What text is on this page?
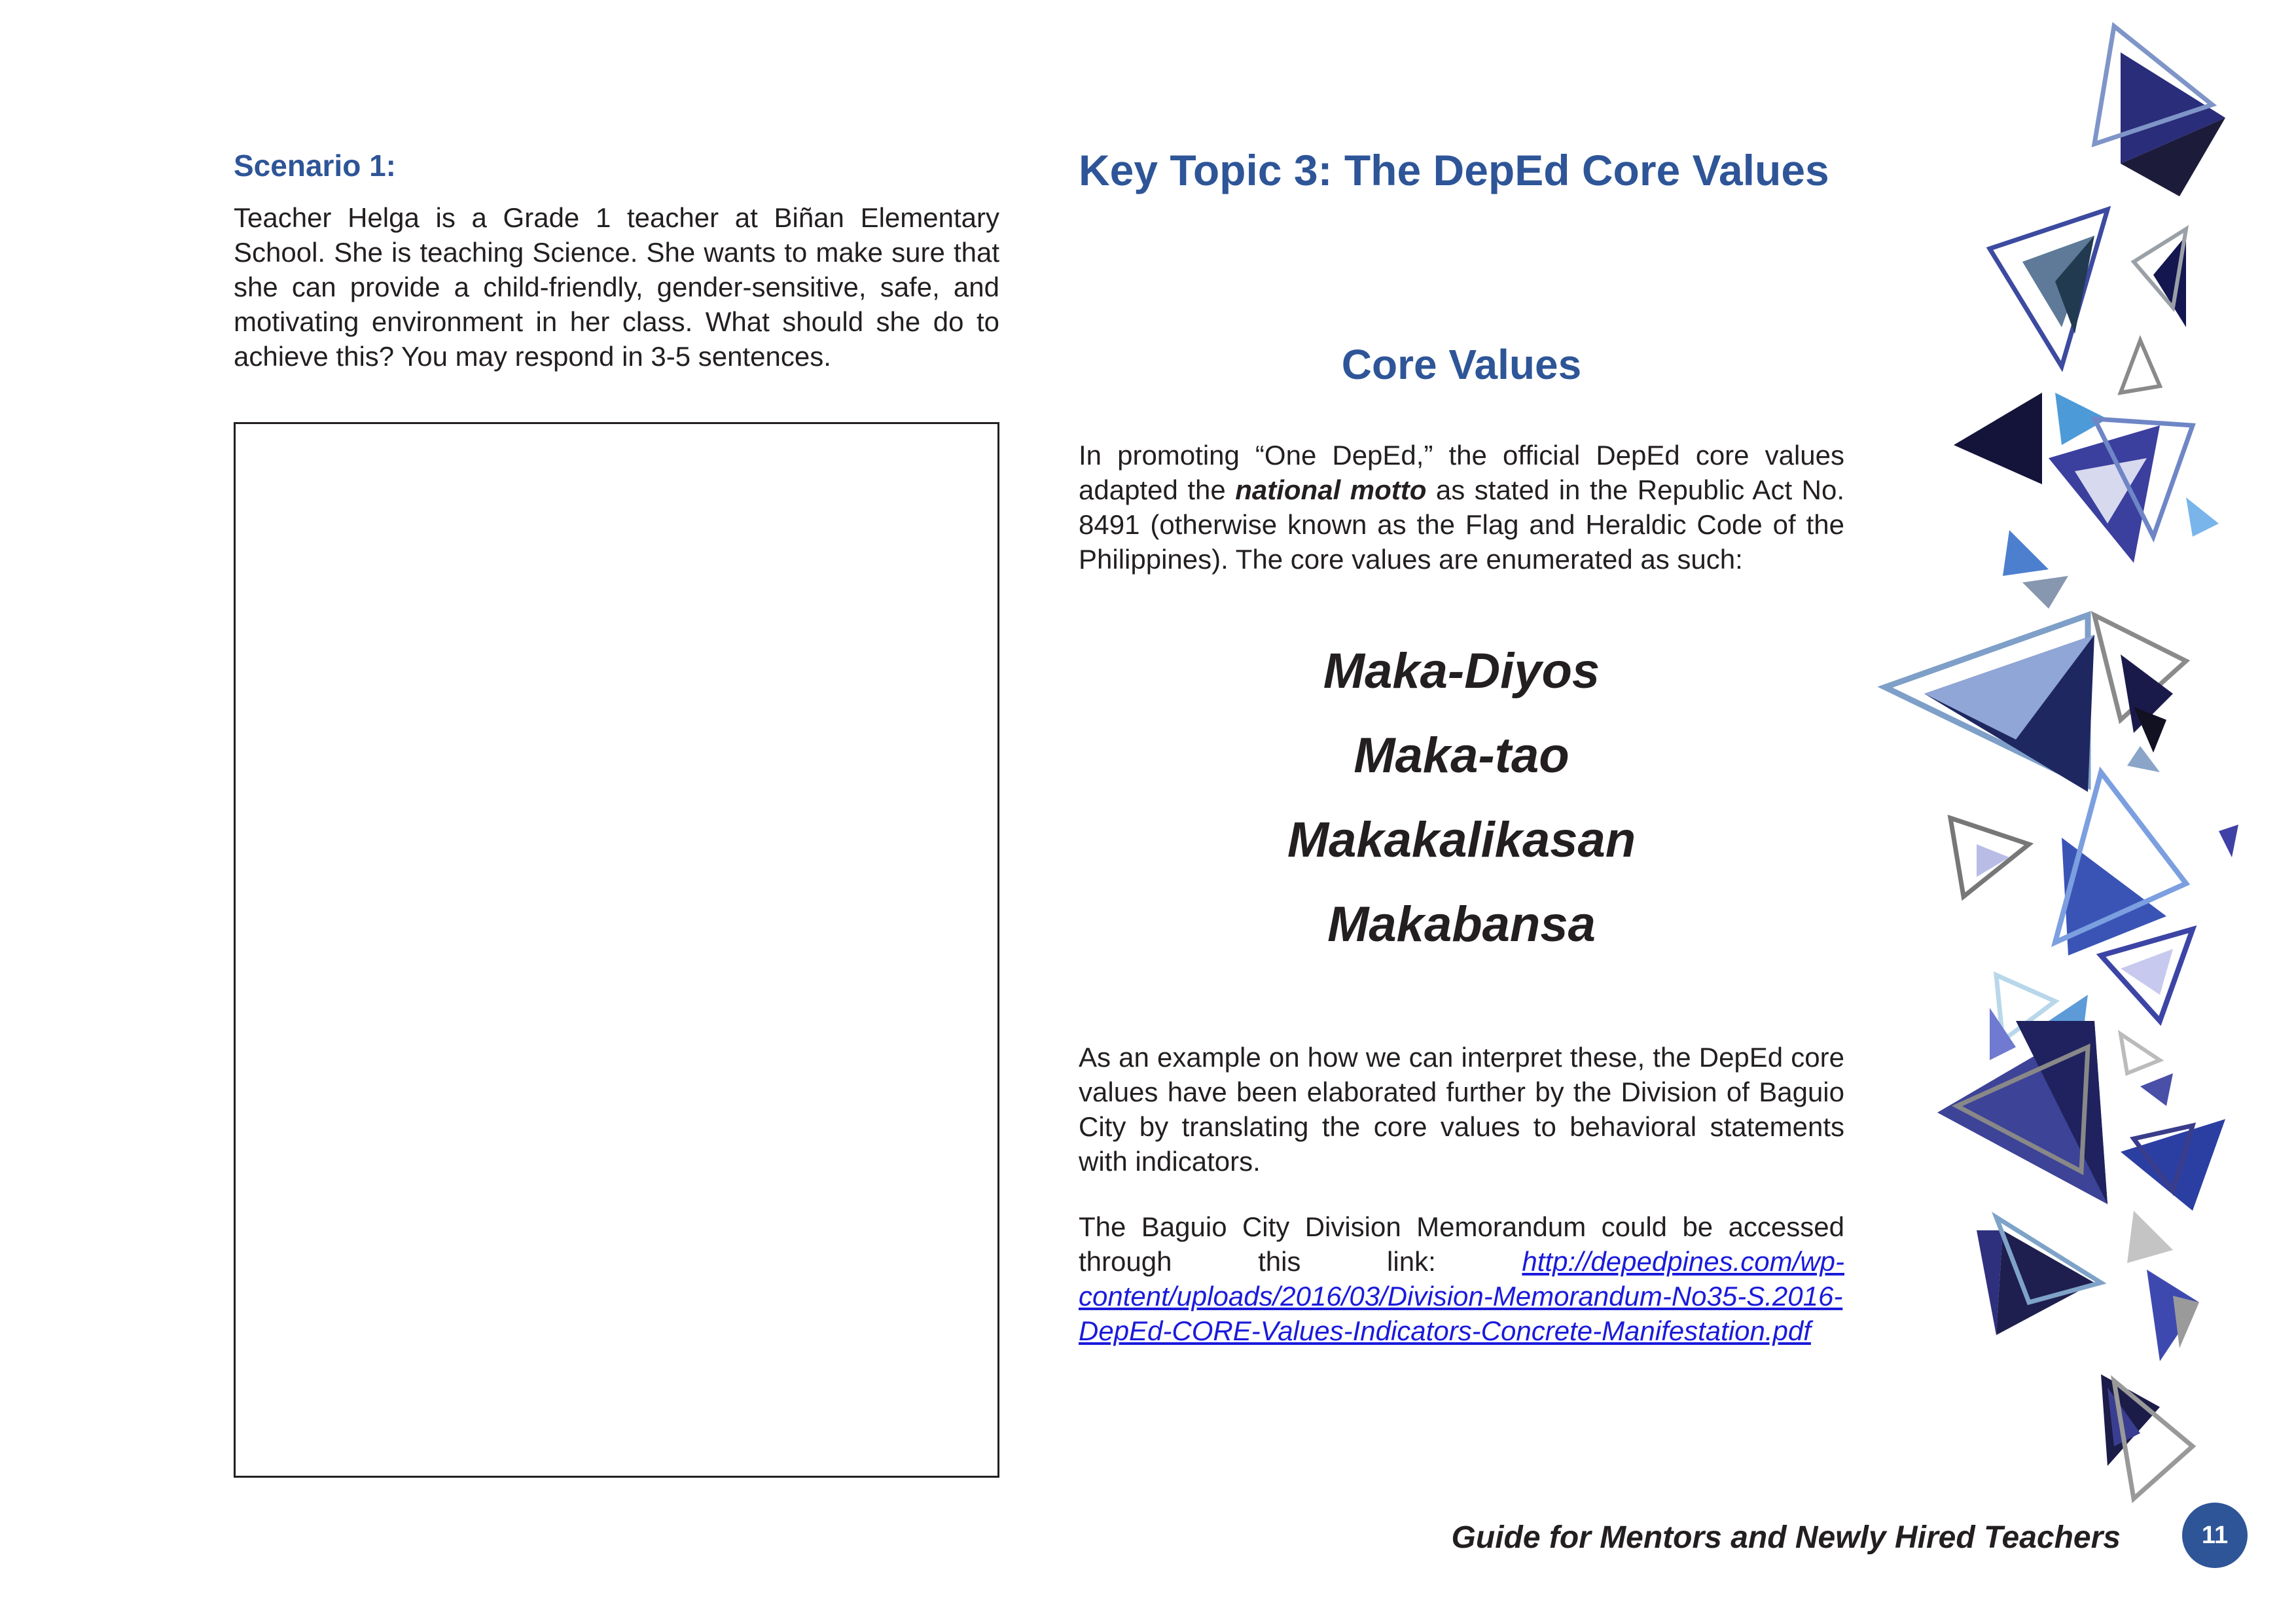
Scenario 1:
Teacher Helga is a Grade 1 teacher at Biñan Elementary School. She is teaching Science. She wants to make sure that she can provide a child-friendly, gender-sensitive, safe, and motivating environment in her class. What should she do to achieve this? You may respond in 3-5 sentences.
Key Topic 3: The DepEd Core Values
Core Values
In promoting “One DepEd,” the official DepEd core values adapted the national motto as stated in the Republic Act No. 8491 (otherwise known as the Flag and Heraldic Code of the Philippines). The core values are enumerated as such:
Maka-Diyos
Maka-tao
Makakalikasan
Makabansa
As an example on how we can interpret these, the DepEd core values have been elaborated further by the Division of Baguio City by translating the core values to behavioral statements with indicators.
The Baguio City Division Memorandum could be accessed through this link: http://depedpines.com/wp-content/uploads/2016/03/Division-Memorandum-No35-S.2016-DepEd-CORE-Values-Indicators-Concrete-Manifestation.pdf
Guide for Mentors and Newly Hired Teachers	11
